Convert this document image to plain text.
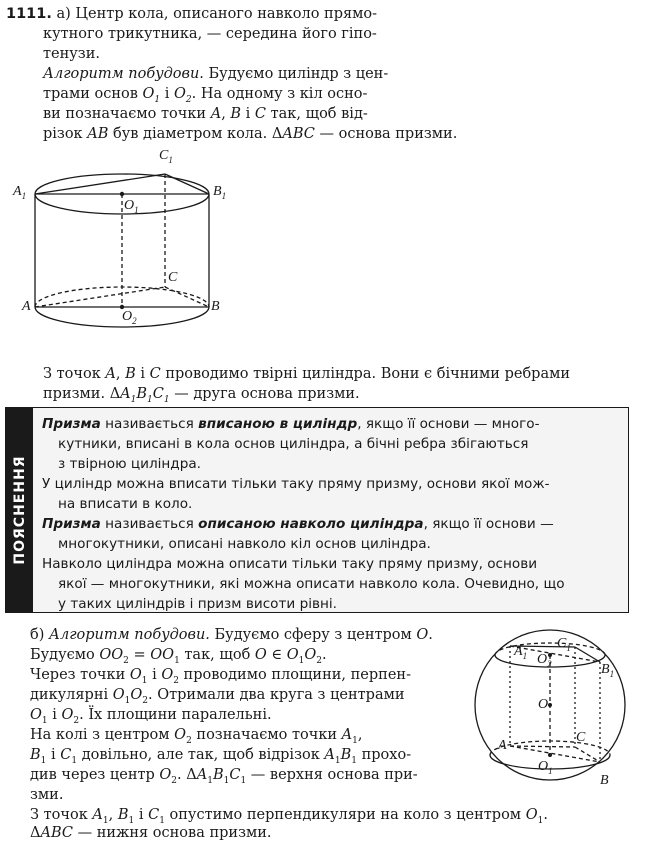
1111. а) Центр кола, описаного навколо прямо-
кутного трикутника, — середина його гіпо-
тенузи.
Алгоритм побудови. Будуємо циліндр з цен-
трами основ $O_1$ і $O_2$. На одному з кіл осно-
ви позначаємо точки A, B і C так, щоб від-
різок AB був діаметром кола. ΔABC — основа призми.
$C_1$
$A_1$	$B_1$
$O_1$
C
A	B
$O_2$
З точок A, B і C проводимо твірні циліндра. Вони є бічними ребрами
призми. $\Delta A_1B_1C_1$ — друга основа призми.
ПОЯСНЕННЯ
Призма називається вписаною в циліндр, якщо її основи — много-
кутники, вписані в кола основ циліндра, а бічні ребра збігаються
з твірною циліндра.
У циліндр можна вписати тільки таку пряму призму, основи якої мож-
на вписати в коло.
Призма називається описаною навколо циліндра, якщо її основи —
многокутники, описані навколо кіл основ циліндра.
Навколо циліндра можна описати тільки таку пряму призму, основи
якої — многокутники, які можна описати навколо кола. Очевидно, що
у таких циліндрів і призм висоти рівні.
б) Алгоритм побудови. Будуємо сферу з центром O.
Будуємо $OO_2 = OO_1$ так, щоб O ∈ $O_1O_2$.
Через точки $O_1$ і $O_2$ проводимо площини, перпен-
дикулярні $O_1O_2$. Отримали два круга з центрами
$O_1$ і $O_2$. Їх площини паралельні.
На колі з центром $O_2$ позначаємо точки $A_1$,
$B_1$ і $C_1$ довільно, але так, щоб відрізок $A_1B_1$ прохо-
див через центр $O_2$. $\Delta A_1B_1C_1$ — верхня основа при-
зми.
З точок $A_1$, $B_1$ і $C_1$ опустимо перпендикуляри на коло з центром $O_1$.
ΔABC — нижня основа призми.
$A_1$ $O_2$
$C_1$
$B_1$
O
A
C
$O_1$
B
